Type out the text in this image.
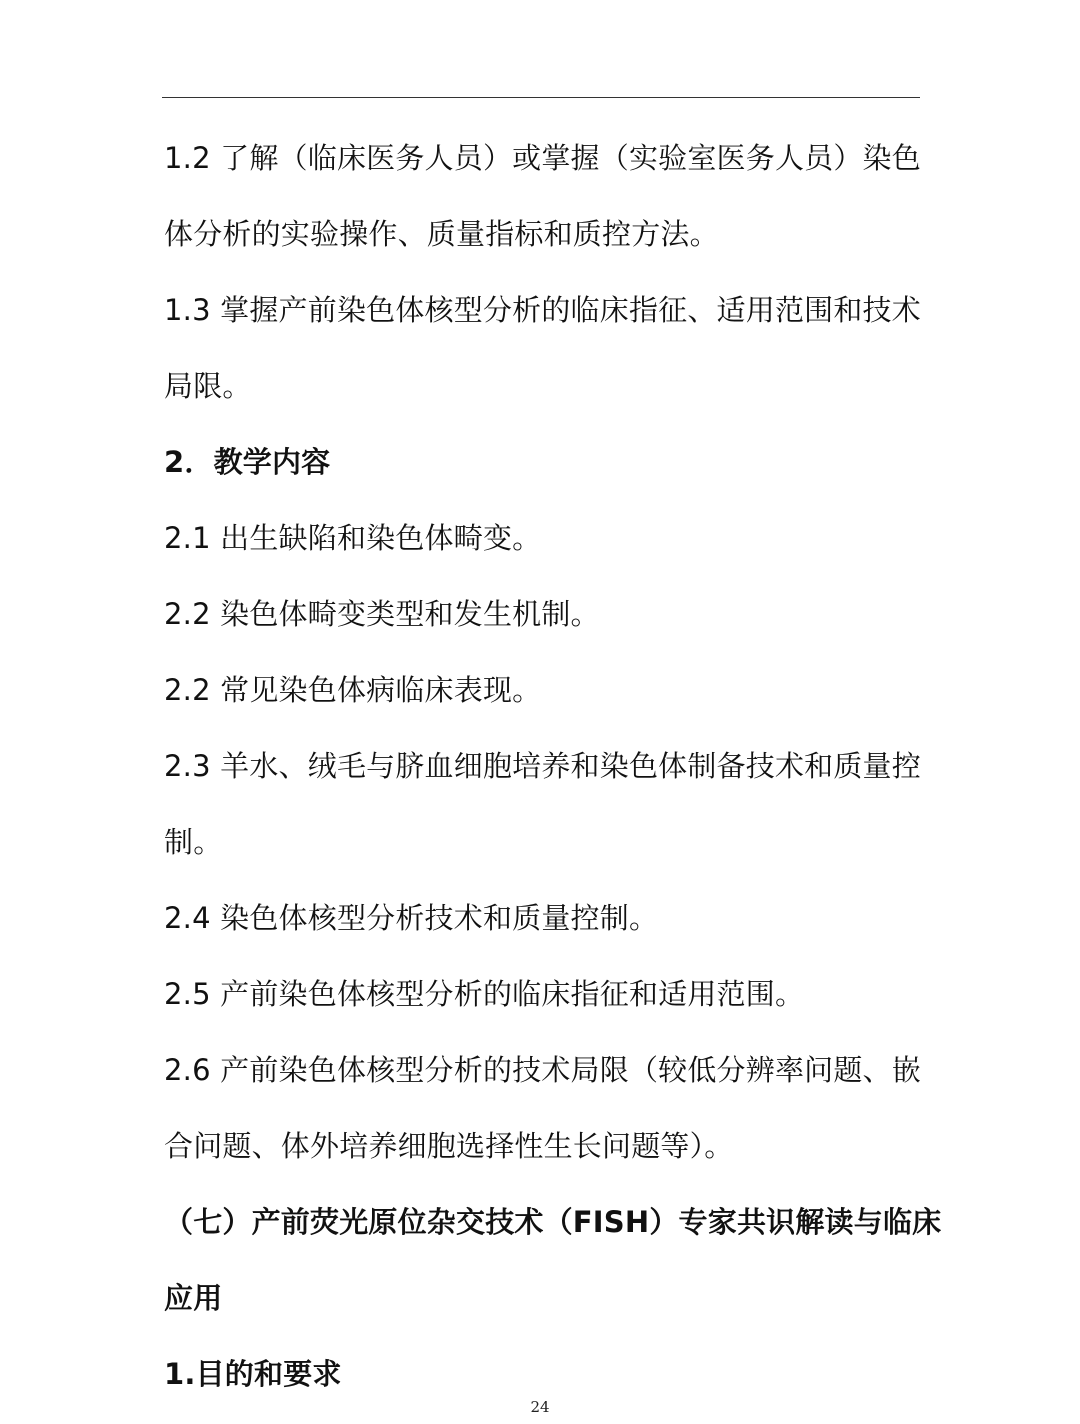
1.2 了解（临床医务人员）或掌握（实验室医务人员）染色
体分析的实验操作、质量指标和质控方法。
1.3 掌握产前染色体核型分析的临床指征、适用范围和技术
局限。
2．教学内容
2.1 出生缺陷和染色体畸变。
2.2 染色体畸变类型和发生机制。
2.2 常见染色体病临床表现。
2.3 羊水、绒毛与脐血细胞培养和染色体制备技术和质量控
制。
2.4 染色体核型分析技术和质量控制。
2.5 产前染色体核型分析的临床指征和适用范围。
2.6 产前染色体核型分析的技术局限（较低分辨率问题、嵌
合问题、体外培养细胞选择性生长问题等）。
（七）产前荧光原位杂交技术（FISH）专家共识解读与临床
应用
1.目的和要求
24
